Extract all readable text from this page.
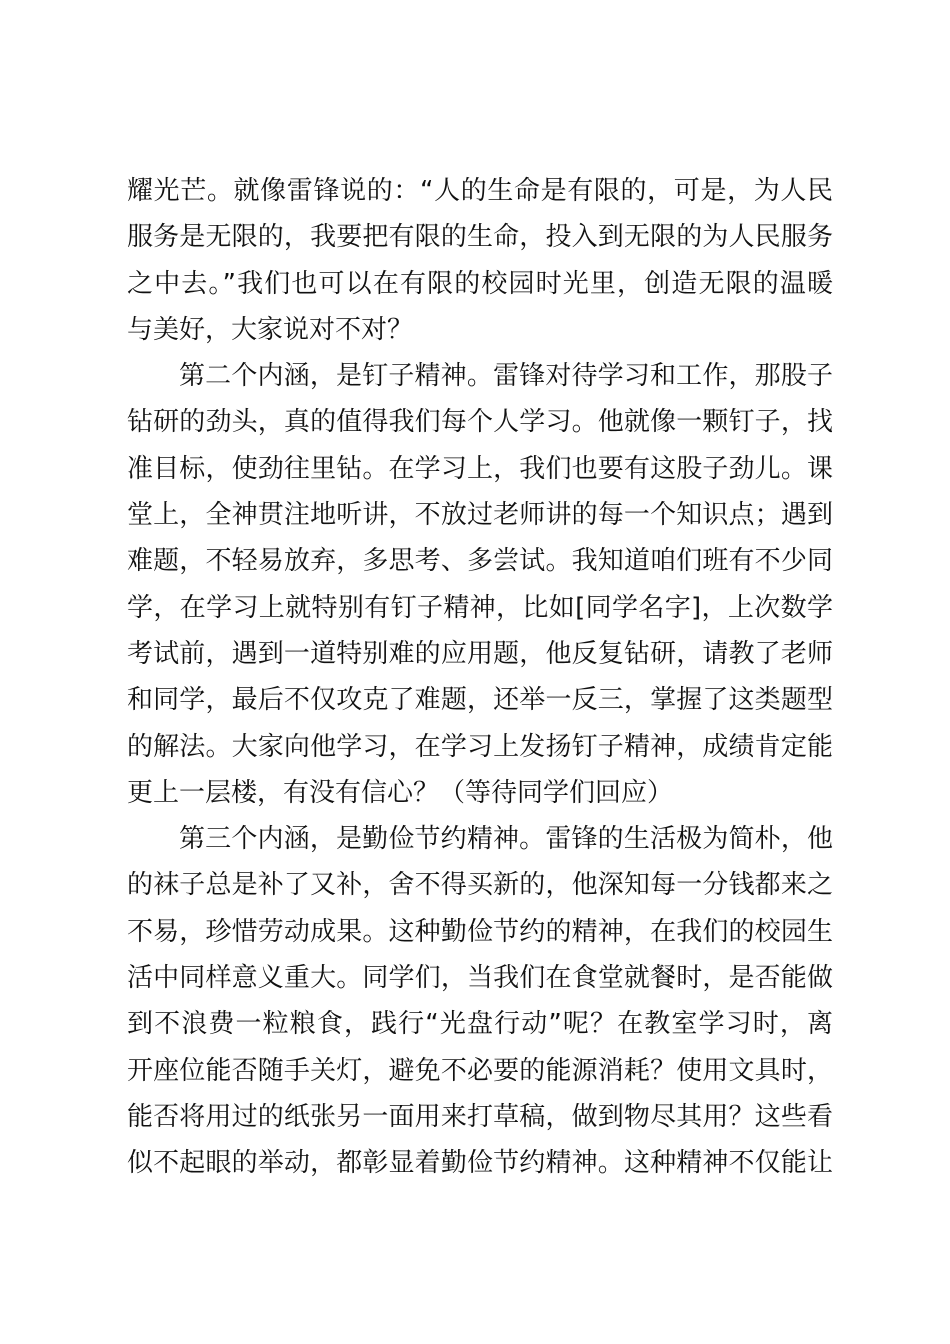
耀光芒。就像雷锋说的：“人的生命是有限的，可是，为人民
服务是无限的，我要把有限的生命，投入到无限的为人民服务
之中去。”我们也可以在有限的校园时光里，创造无限的温暖
与美好，大家说对不对？

第二个内涵，是钉子精神。雷锋对待学习和工作，那股子
钻研的劲头，真的值得我们每个人学习。他就像一颗钉子，找
准目标，使劲往里钻。在学习上，我们也要有这股子劲儿。课
堂上，全神贯注地听讲，不放过老师讲的每一个知识点；遇到
难题，不轻易放弃，多思考、多尝试。我知道咱们班有不少同
学，在学习上就特别有钉子精神，比如[同学名字]，上次数学
考试前，遇到一道特别难的应用题，他反复钻研，请教了老师
和同学，最后不仅攻克了难题，还举一反三，掌握了这类题型
的解法。大家向他学习，在学习上发扬钉子精神，成绩肯定能
更上一层楼，有没有信心？（等待同学们回应）

第三个内涵，是勤俭节约精神。雷锋的生活极为简朴，他
的袜子总是补了又补，舍不得买新的，他深知每一分钱都来之
不易，珍惜劳动成果。这种勤俭节约的精神，在我们的校园生
活中同样意义重大。同学们，当我们在食堂就餐时，是否能做
到不浪费一粒粮食，践行“光盘行动”呢？在教室学习时，离
开座位能否随手关灯，避免不必要的能源消耗？使用文具时，
能否将用过的纸张另一面用来打草稿，做到物尽其用？这些看
似不起眼的举动，都彰显着勤俭节约精神。这种精神不仅能让
